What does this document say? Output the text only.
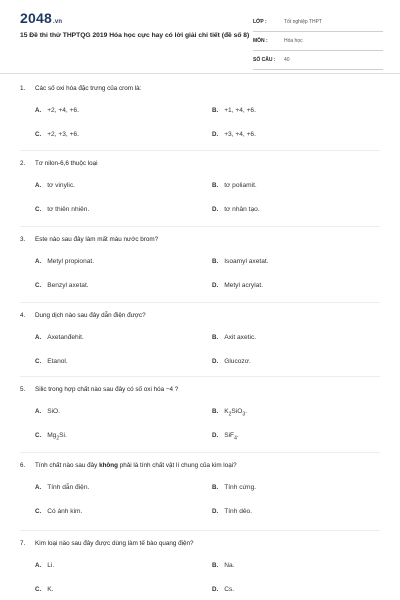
2048.vn
15 Đề thi thử THPTQG 2019 Hóa học cực hay có lời giải chi tiết (đề số 8)
LỚP :	Tốt nghiệp THPT
MÔN :	Hóa học
SỐ CÂU : 40
1. Các số oxi hóa đặc trưng của crom là:
A. +2, +4, +6.	B. +1, +4, +6.
C. +2, +3, +6.	D. +3, +4, +6.
2. Tơ nilon-6,6 thuộc loại
A. tơ vinylic.	B. tơ poliamit.
C. tơ thiên nhiên.	D. tơ nhân tạo.
3. Este nào sau đây làm mất màu nước brom?
A. Metyl propionat.	B. Isoamyl axetat.
C. Benzyl axetat.	D. Metyl acrylat.
4. Dung dịch nào sau đây dẫn điện được?
A. Axetanđehit.	B. Axit axetic.
C. Etanol.	D. Glucozơ.
5. Silic trong hợp chất nào sau đây có số oxi hóa −4 ?
A. SiO.	B. $K_2SiO_3$.
C. $Mg_2Si$.	D. SiF$_4$.
6. Tính chất nào sau đây không phải là tính chất vật lí chung của kim loại?
A. Tính dẫn điện.	B. Tính cứng.
C. Có ánh kim.	D. Tính dẻo.
7. Kim loại nào sau đây được dùng làm tế bào quang điện?
A. Li.	B. Na.
C. K.	D. Cs.
